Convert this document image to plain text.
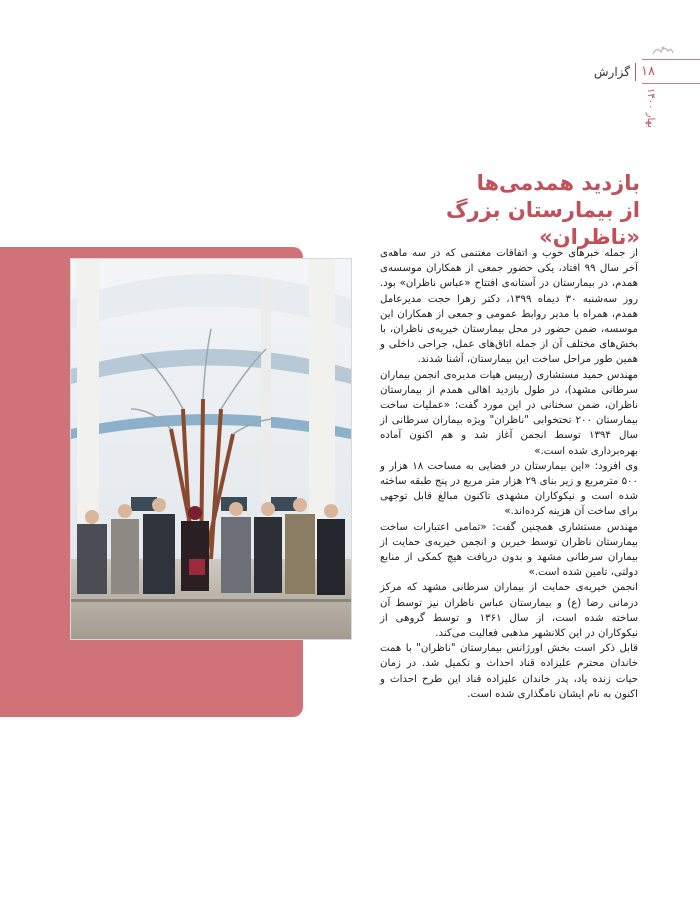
۱۸
گزارش
بهار ۱۴۰۰
بازدید همدمی‌ها
از بیمارستان بزرگ «ناظران»

از جمله خبرهای خوب و اتفاقات مغتنمی که در سه ماهه‌ی آخر سال ۹۹ افتاد، یکی حضور جمعی از همکاران موسسه‌ی همدم، در بیمارستان در آستانه‌ی افتتاح «عباس ناظران» بود. روز سه‌شنبه ۳۰ دیماه ۱۳۹۹، دکتر زهرا حجت مدیرعامل همدم، همراه با مدیر روابط عمومی و جمعی از همکاران این موسسه، ضمن حضور در محل بیمارستان خیریه‌ی ناظران، با بخش‌های مختلف آن از جمله اتاق‌های عمل، جراحی داخلی و همین طور مراحل ساخت این بیمارستان، آشنا شدند.

مهندس حمید مستشاری (رییس هیات مدیره‌ی انجمن بیماران سرطانی مشهد)، در طول بازدید اهالی همدم از بیمارستان ناظران، ضمن سخنانی در این مورد گفت: «عملیات ساخت بیمارستان ۲۰۰ تختخوابی "ناظران" ویژه بیماران سرطانی از سال ۱۳۹۴ توسط انجمن آغاز شد و هم اکنون آماده بهره‌برداری شده است.»

وی افزود: «این بیمارستان در فضایی به مساحت ۱۸ هزار و ۵۰۰ مترمربع و زیر بنای ۲۹ هزار متر مربع در پنج طبقه ساخته شده است و نیکوکاران مشهدی تاکنون مبالغ قابل توجهی برای ساخت آن هزینه کرده‌اند.»

مهندس مستشاری همچنین گفت: «تمامی اعتبارات ساخت بیمارستان ناظران توسط خیرین و انجمن خیریه‌ی حمایت از بیماران سرطانی مشهد و بدون دریافت هیچ کمکی از منابع دولتی، تامین شده است.»

انجمن خیریه‌ی حمایت از بیماران سرطانی مشهد که مرکز درمانی رضا (ع) و بیمارستان عباس ناظران نیز توسط آن ساخته شده است، از سال ۱۳۶۱ و توسط گروهی از نیکوکاران در این کلانشهر مذهبی فعالیت می‌کند.

قابل ذکر است بخش اورژانس بیمارستان "ناظران" با همت خاندان محترم علیزاده قناد احداث و تکمیل شد. در زمان حیات زنده یاد، پدر خاندان علیزاده قناد این طرح احداث و اکنون به نام ایشان نامگذاری شده است.
